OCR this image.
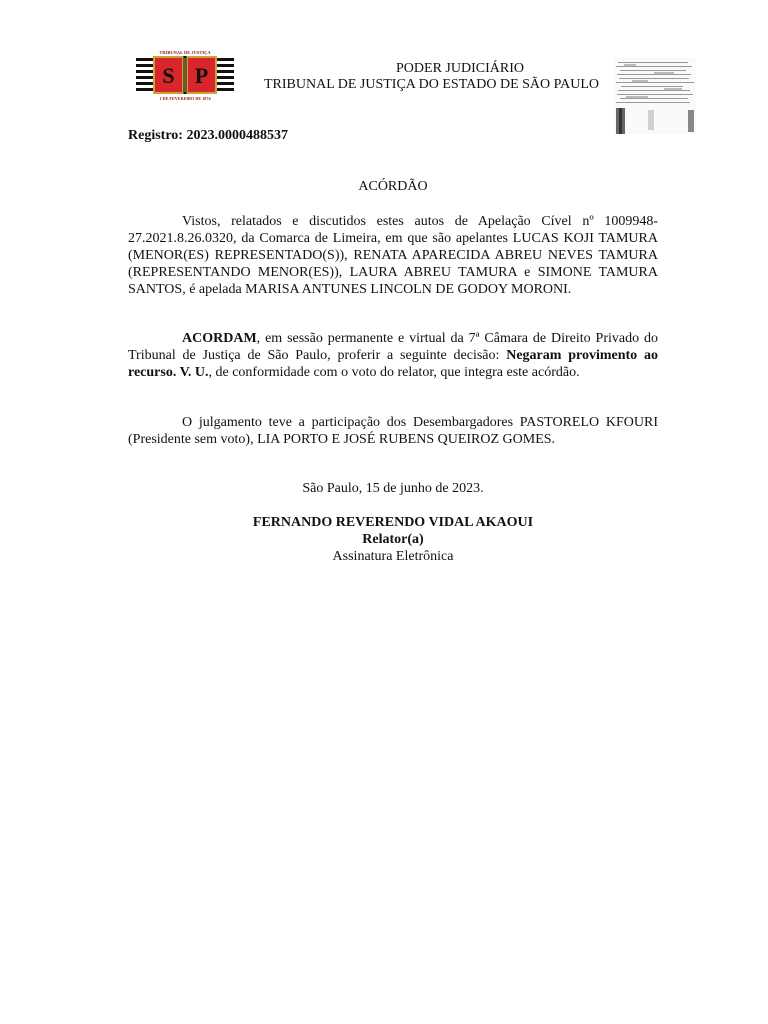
TRIBUNAL DE JUSTIÇA
S P
1 DE FEVEREIRO DE 1874
PODER JUDICIÁRIO
TRIBUNAL DE JUSTIÇA DO ESTADO DE SÃO PAULO
Registro: 2023.0000488537
ACÓRDÃO

Vistos, relatados e discutidos estes autos de Apelação Cível nº 1009948-27.2021.8.26.0320, da Comarca de Limeira, em que são apelantes LUCAS KOJI TAMURA (MENOR(ES) REPRESENTADO(S)), RENATA APARECIDA ABREU NEVES TAMURA (REPRESENTANDO MENOR(ES)), LAURA ABREU TAMURA e SIMONE TAMURA SANTOS, é apelada MARISA ANTUNES LINCOLN DE GODOY MORONI.

ACORDAM, em sessão permanente e virtual da 7ª Câmara de Direito Privado do Tribunal de Justiça de São Paulo, proferir a seguinte decisão: Negaram provimento ao recurso. V. U., de conformidade com o voto do relator, que integra este acórdão.

O julgamento teve a participação dos Desembargadores PASTORELO KFOURI (Presidente sem voto), LIA PORTO E JOSÉ RUBENS QUEIROZ GOMES.

São Paulo, 15 de junho de 2023.
FERNANDO REVERENDO VIDAL AKAOUI
Relator(a)
Assinatura Eletrônica
